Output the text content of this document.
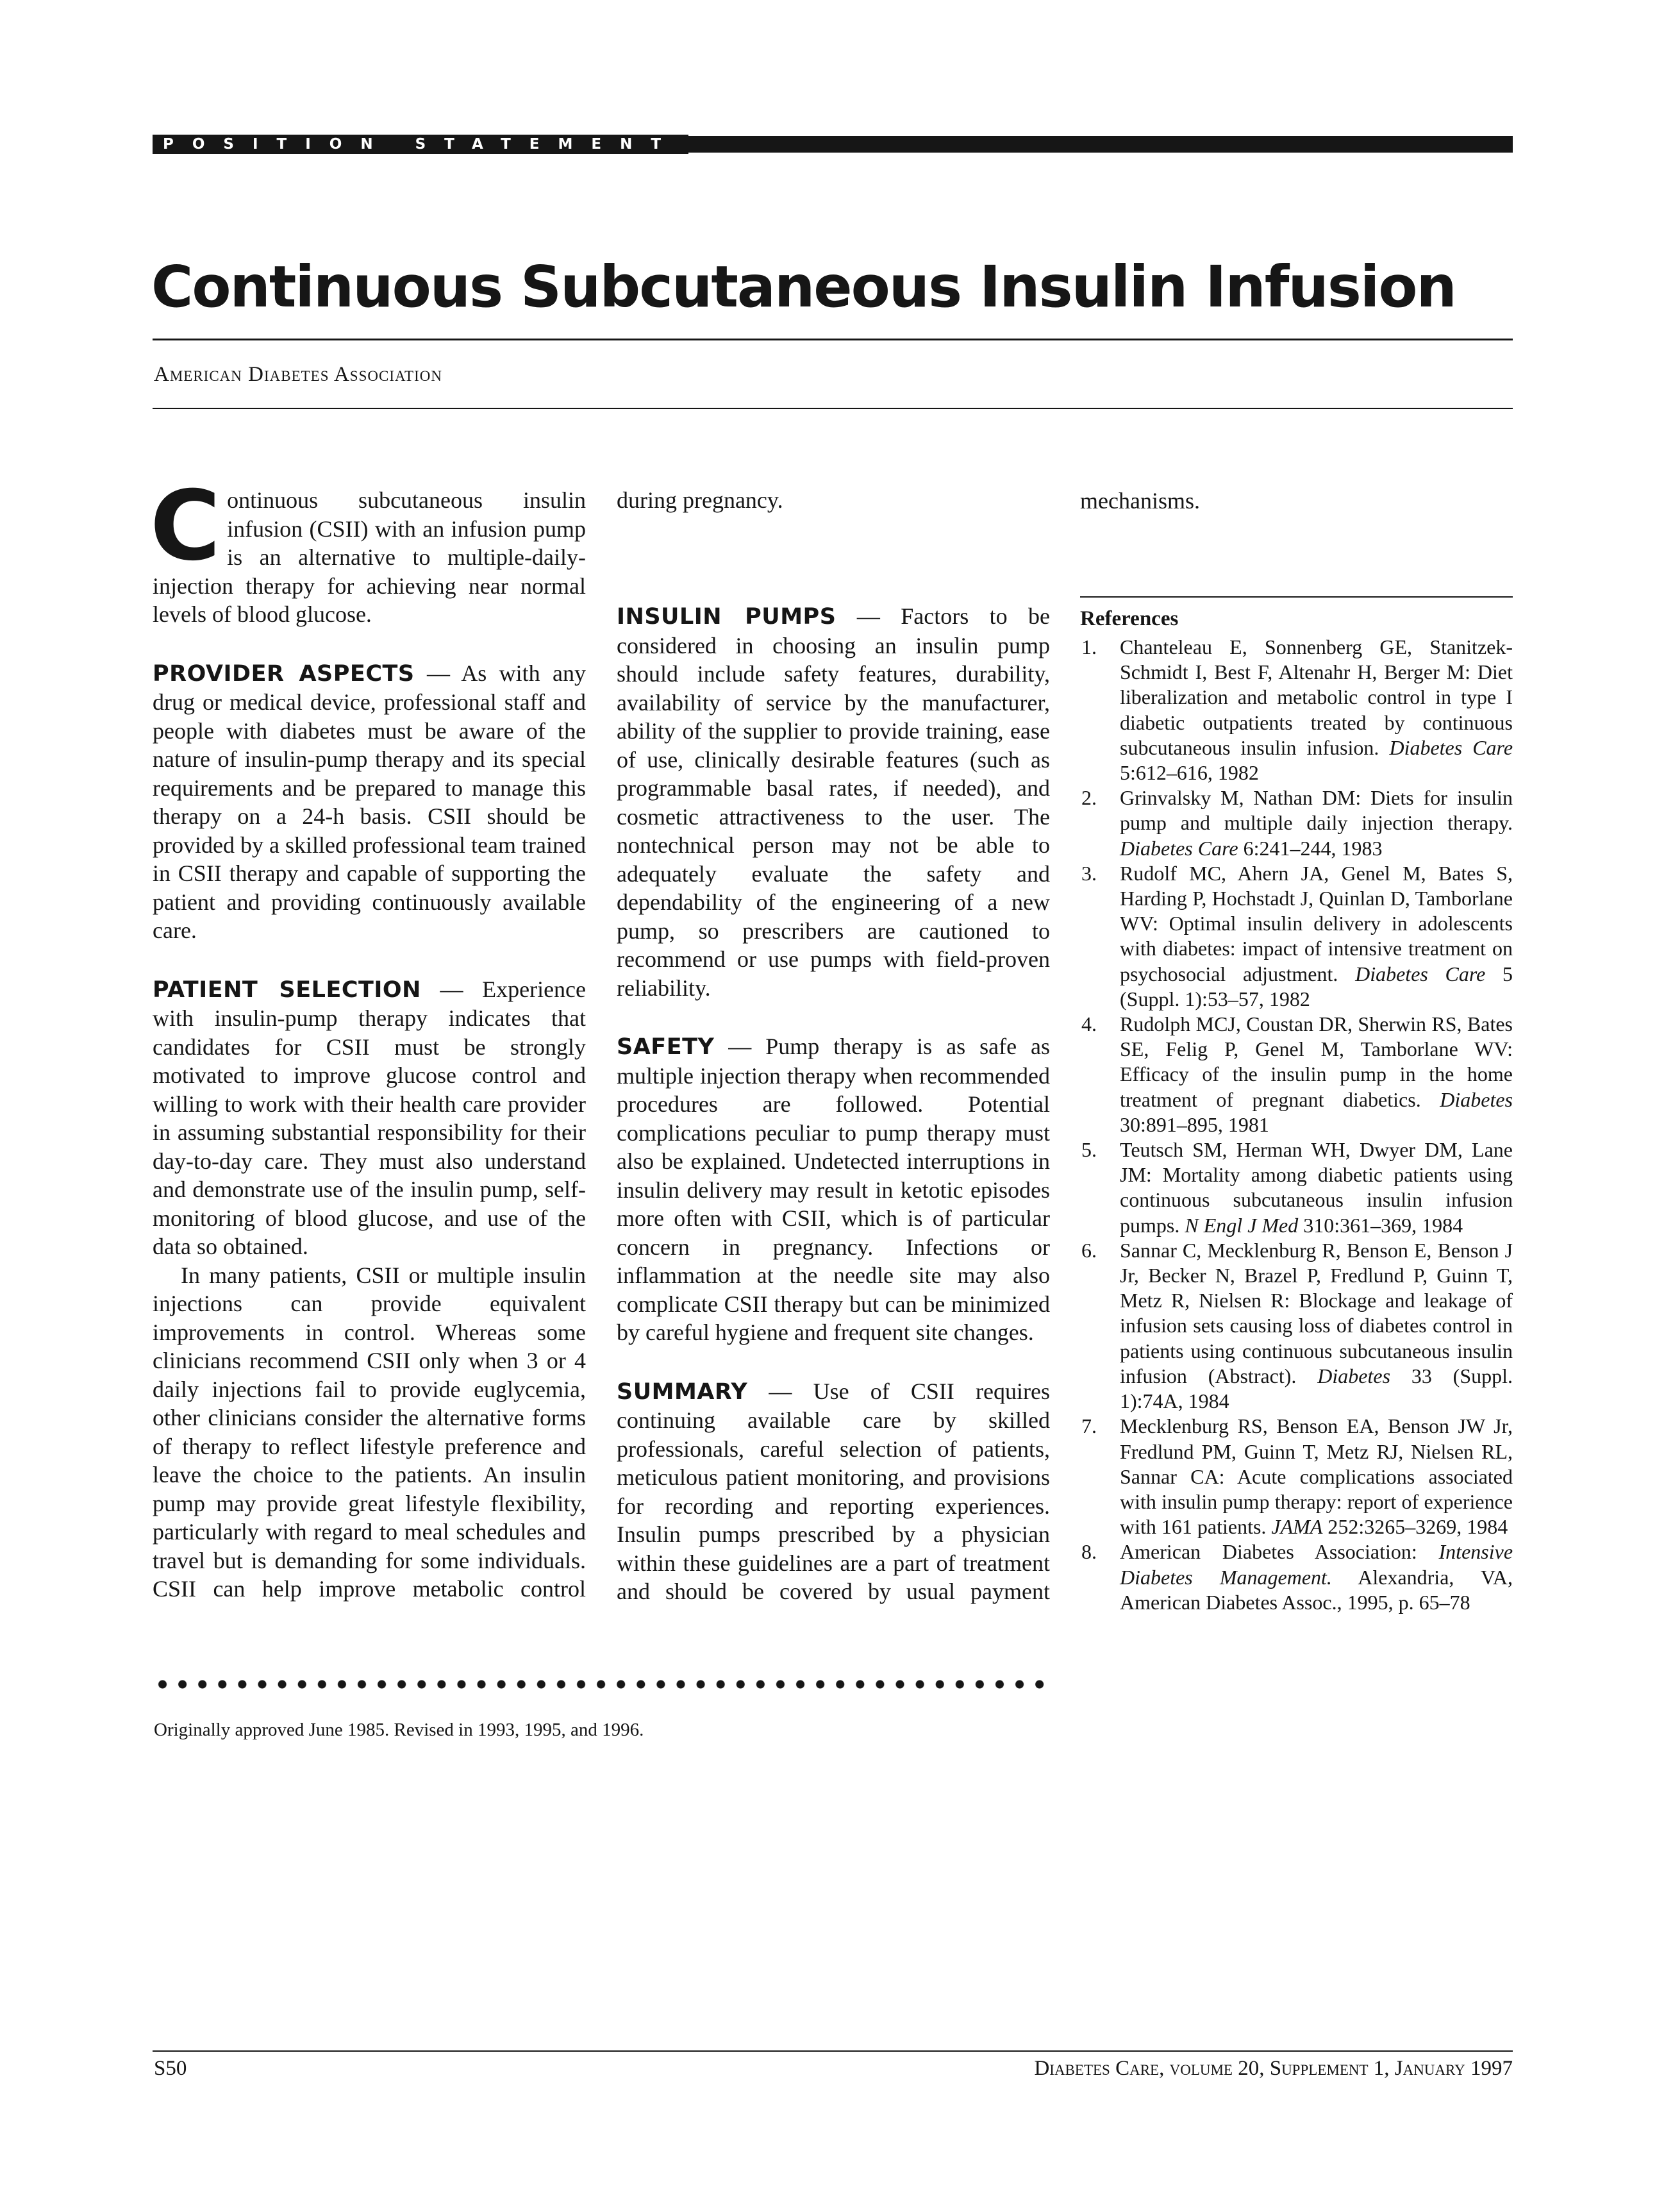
POSITION STATEMENT
Continuous Subcutaneous Insulin Infusion
American Diabetes Association

Continuous subcutaneous insulin infusion (CSII) with an infusion pump is an alternative to multiple-daily-injection therapy for achieving near normal levels of blood glucose.

PROVIDER ASPECTS — As with any drug or medical device, professional staff and people with diabetes must be aware of the nature of insulin-pump therapy and its special requirements and be prepared to manage this therapy on a 24-h basis. CSII should be provided by a skilled professional team trained in CSII therapy and capable of supporting the patient and providing continuously available care.

PATIENT SELECTION — Experience with insulin-pump therapy indicates that candidates for CSII must be strongly motivated to improve glucose control and willing to work with their health care provider in assuming substantial responsibility for their day-to-day care. They must also understand and demonstrate use of the insulin pump, self-monitoring of blood glucose, and use of the data so obtained.

In many patients, CSII or multiple insulin injections can provide equivalent improvements in control. Whereas some clinicians recommend CSII only when 3 or 4 daily injections fail to provide euglycemia, other clinicians consider the alternative forms of therapy to reflect lifestyle preference and leave the choice to the patients. An insulin pump may provide great lifestyle flexibility, particularly with regard to meal schedules and travel but is demanding for some individuals. CSII can help improve metabolic control

during pregnancy.

INSULIN PUMPS — Factors to be considered in choosing an insulin pump should include safety features, durability, availability of service by the manufacturer, ability of the supplier to provide training, ease of use, clinically desirable features (such as programmable basal rates, if needed), and cosmetic attractiveness to the user. The nontechnical person may not be able to adequately evaluate the safety and dependability of the engineering of a new pump, so prescribers are cautioned to recommend or use pumps with field-proven reliability.

SAFETY — Pump therapy is as safe as multiple injection therapy when recommended procedures are followed. Potential complications peculiar to pump therapy must also be explained. Undetected interruptions in insulin delivery may result in ketotic episodes more often with CSII, which is of particular concern in pregnancy. Infections or inflammation at the needle site may also complicate CSII therapy but can be minimized by careful hygiene and frequent site changes.

SUMMARY — Use of CSII requires continuing available care by skilled professionals, careful selection of patients, meticulous patient monitoring, and provisions for recording and reporting experiences. Insulin pumps prescribed by a physician within these guidelines are a part of treatment and should be covered by usual payment

mechanisms.

Originally approved June 1985. Revised in 1993, 1995, and 1996.
References
1. Chanteleau E, Sonnenberg GE, Stanitzek-Schmidt I, Best F, Altenahr H, Berger M: Diet liberalization and metabolic control in type I diabetic outpatients treated by continuous subcutaneous insulin infusion. Diabetes Care 5:612–616, 1982
2. Grinvalsky M, Nathan DM: Diets for insulin pump and multiple daily injection therapy. Diabetes Care 6:241–244, 1983
3. Rudolf MC, Ahern JA, Genel M, Bates S, Harding P, Hochstadt J, Quinlan D, Tamborlane WV: Optimal insulin delivery in adolescents with diabetes: impact of intensive treatment on psychosocial adjustment. Diabetes Care 5 (Suppl. 1):53–57, 1982
4. Rudolph MCJ, Coustan DR, Sherwin RS, Bates SE, Felig P, Genel M, Tamborlane WV: Efficacy of the insulin pump in the home treatment of pregnant diabetics. Diabetes 30:891–895, 1981
5. Teutsch SM, Herman WH, Dwyer DM, Lane JM: Mortality among diabetic patients using continuous subcutaneous insulin infusion pumps. N Engl J Med 310:361–369, 1984
6. Sannar C, Mecklenburg R, Benson E, Benson J Jr, Becker N, Brazel P, Fredlund P, Guinn T, Metz R, Nielsen R: Blockage and leakage of infusion sets causing loss of diabetes control in patients using continuous subcutaneous insulin infusion (Abstract). Diabetes 33 (Suppl. 1):74A, 1984
7. Mecklenburg RS, Benson EA, Benson JW Jr, Fredlund PM, Guinn T, Metz RJ, Nielsen RL, Sannar CA: Acute complications associated with insulin pump therapy: report of experience with 161 patients. JAMA 252:3265–3269, 1984
8. American Diabetes Association: Intensive Diabetes Management. Alexandria, VA, American Diabetes Assoc., 1995, p. 65–78
S50	Diabetes Care, volume 20, Supplement 1, January 1997
